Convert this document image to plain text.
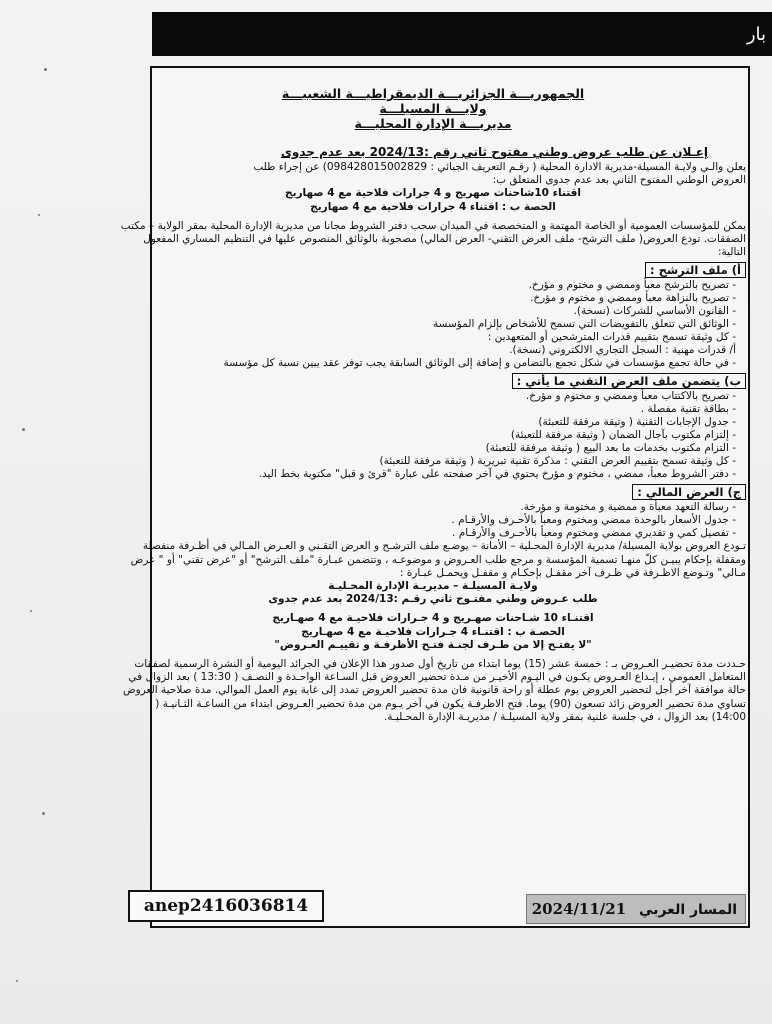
بار
الجمهوريـــة الجزائريـــة الديمقراطيـــة الشعبيـــة
ولايـــة المسيلـــة
مديريـــة الإدارة المحليـــة
إعـلان عن طلب عروض وطني مفتوح ثاني رقم :2024/13 بعد عدم جدوى

يعلن والـي ولايـة المسيلة-مديرية الادارة المحلية ( رقـم التعريف الجبائي : 098428015002829) عن إجراء طلب

العروض الوطني المفتوح الثاني بعد عدم جدوى المتعلق ب:

اقتناء 10شاحنات صهريج و 4 جرارات فلاحية مع 4 صهاريج

الحصة ب : اقتناء 4 جرارات فلاحية مع 4 صهاريج

يمكن للمؤسسات العمومية أو الخاصة المهتمة و المتخصصة في الميدان سحب دفتر الشروط مجانا من مديرية الإدارة المحلية بمقر الولاية – مكتب الصفقات. تودع العروض( ملف الترشح- ملف العرض التقني- العرض المالي) مصحوبة بالوثائق المنصوص عليها في التنظيم المساري المفعول التالية:

أ) ملف الترشح :
- تصريح بالترشح معبأ وممضي و مختوم و مؤرخ.
- تصريح بالنزاهة معبأ وممضي و مختوم و مؤرخ.
- القانون الأساسي للشركات (نسخة).
- الوثائق التي تتعلق بالتفويضات التي تسمح للأشخاص بإلزام المؤسسة
- كل وثيقة تسمح بتقييم قدرات المترشحين أو المتعهدين :
أ/ قدرات مهنية : السجل التجاري الالكتروني (نسخة).
- في حالة تجمع مؤسسات في شكل تجمع بالتضامن و إضافة إلى الوثائق السابقة يجب توفر عقد يبين نسبة كل مؤسسة
ب) يتضمن ملف العرض التقني ما يأتي :
- تصريح بالاكتتاب معبأ وممضي و مختوم و مؤرخ.
- بطاقة تقنية مفصلة .
- جدول الإجابات التقنية ( وثيقة مرفقة للتعبئة)
- إلتزام مكتوب بآجال الضمان ( وثيقة مرفقة للتعبئة)
- التزام مكتوب بخدمات ما بعد البيع ( وثيقة مرفقة للتعبئة)
- كل وثيقة تسمح بتقييم العرض التقني : مذكرة تقنية تبريرية ( وثيقة مرفقة للتعبئة)
- دفتر الشروط معبأ، ممضي ، مختوم و مؤرخ يحتوي في آخر صفحته على عبارة "قرئ و قبل" مكتوبة بخط اليد.
ج) العرض المالي :
- رسالة التعهد معبأة و ممضية و مختومة و مؤرخة.
- جدول الأسعار بالوحدة ممضي ومختوم ومعبأ بالأحـرف والأرقـام .
- تفصيل كمي و تقديري ممضي ومختوم ومعبأ بالأحـرف والأرقـام .

تـودع العروض بولاية المسيلة/ مديرية الإدارة المحـلية – الأمانة – يوضـع ملف الترشـح و العرض التقـني و العـرض المـالي في أظـرفة منفصلة ومقفلة بإحكام يبيـن كلّ منهـا تسمية المؤسسة و مرجع طلب العـروض و موضوعـه ، وتتضمن عبـارة "ملف الترشح" أو "عرض تقني" أو " عرض مـالي" وتـوضع الاظـرفة في ظـرف آخر مقفـل بإحكـام و مقفـل ويحمـل عبـارة :

ولايـة المسيلـة – مديريـة الإدارة المحـليـة

طلب عـروض وطني مفتـوح ثاني رقـم :2024/13 بعد عدم جدوى

اقتنـاء 10 شـاحنات صهـريج و 4 جـرارات فلاحيـة مع 4 صهـاريج

الحصـة ب : اقتنـاء 4 جـرارات فلاحيـة مع 4 صهـاريج

"لا يفتـح إلا من طـرف لجنـة فتـح الأظرفـة و تقييـم العـروض"

حـددت مدة تحضيـر العـروض بـ : خمسة عشر (15) يوما ابتداء من تاريخ أول صدور هذا الإعلان في الجرائد اليومية أو النشرة الرسمية لصفقات المتعامل العمومي ، إيـداع العـروض يكـون في اليـوم الأخيـر من مـدة تحضير العروض قبل السـاعة الواحـدة و النصـف ( 13:30 ) بعد الزوال في حالة موافقة آخر أجل لتحضير العروض يوم عطلة أو راحة قانونية فان مدة تحضير العروض تمدد إلى غاية يوم العمل الموالي. مدة صلاحية العروض تساوي مدة تحضير العروض زائد تسعون (90) يوما. فتح الاظرفـة يكون في آخر يـوم من مدة تحضير العـروض ابتداء من الساعـة الثـانيـة ( 14:00) بعد الزوال ، في جلسة علنية بمقر ولاية المسيلـة / مديريـة الإدارة المحـليـة.

anep2416036814	المسار العربي 2024/11/21
